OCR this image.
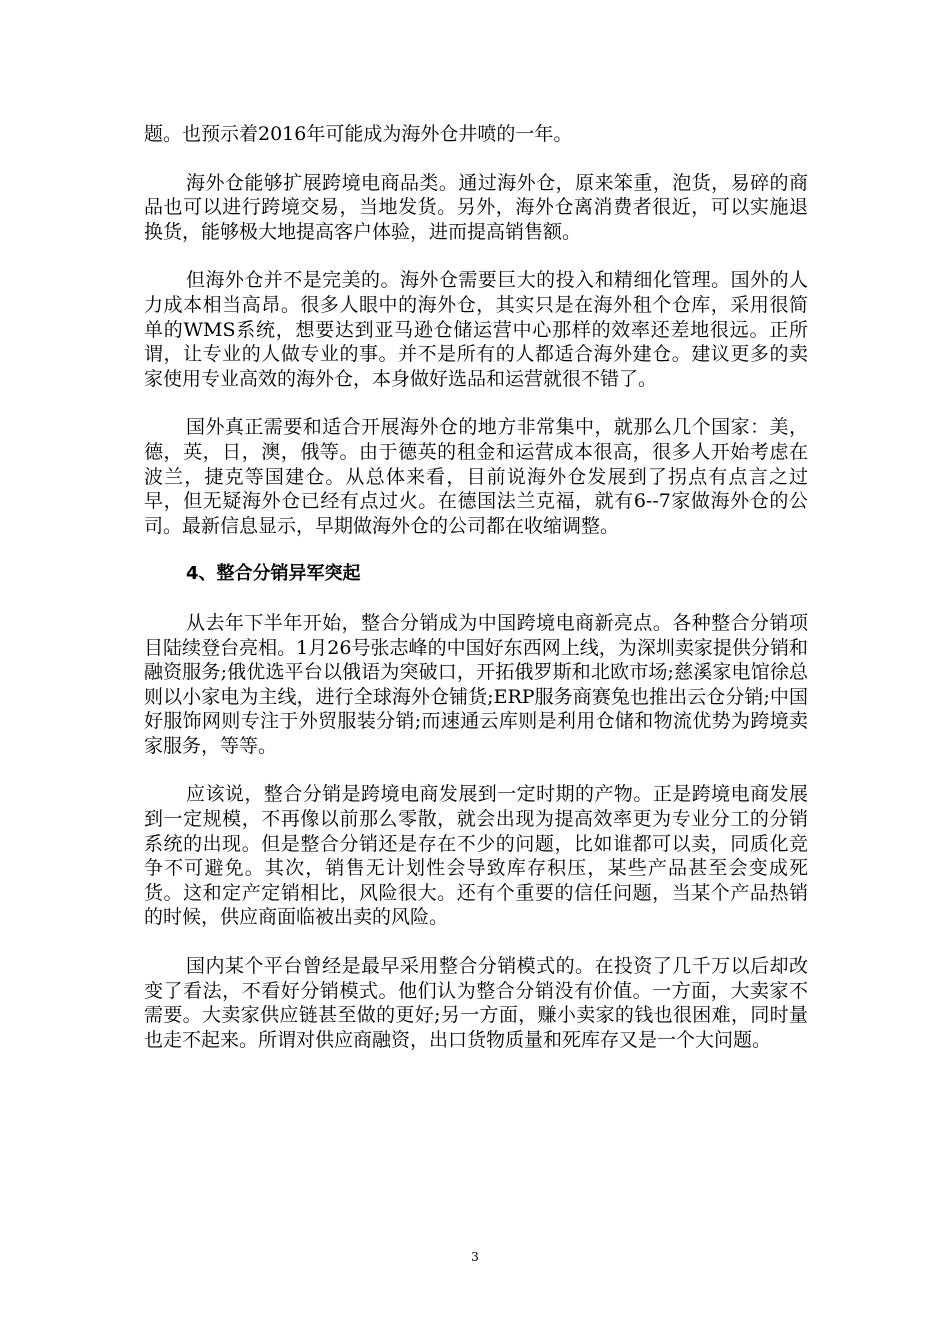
题。也预示着2016年可能成为海外仓井喷的一年。

海外仓能够扩展跨境电商品类。通过海外仓，原来笨重，泡货，易碎的商品也可以进行跨境交易，当地发货。另外，海外仓离消费者很近，可以实施退换货，能够极大地提高客户体验，进而提高销售额。

但海外仓并不是完美的。海外仓需要巨大的投入和精细化管理。国外的人力成本相当高昂。很多人眼中的海外仓，其实只是在海外租个仓库，采用很简单的WMS系统，想要达到亚马逊仓储运营中心那样的效率还差地很远。正所谓，让专业的人做专业的事。并不是所有的人都适合海外建仓。建议更多的卖家使用专业高效的海外仓，本身做好选品和运营就很不错了。

国外真正需要和适合开展海外仓的地方非常集中，就那么几个国家：美，德，英，日，澳，俄等。由于德英的租金和运营成本很高，很多人开始考虑在波兰，捷克等国建仓。从总体来看，目前说海外仓发展到了拐点有点言之过早，但无疑海外仓已经有点过火。在德国法兰克福，就有6--7家做海外仓的公司。最新信息显示，早期做海外仓的公司都在收缩调整。

4、整合分销异军突起

从去年下半年开始，整合分销成为中国跨境电商新亮点。各种整合分销项目陆续登台亮相。1月26号张志峰的中国好东西网上线，为深圳卖家提供分销和融资服务;俄优选平台以俄语为突破口，开拓俄罗斯和北欧市场;慈溪家电馆徐总则以小家电为主线，进行全球海外仓铺货;ERP服务商赛兔也推出云仓分销;中国好服饰网则专注于外贸服装分销;而速通云库则是利用仓储和物流优势为跨境卖家服务，等等。

应该说，整合分销是跨境电商发展到一定时期的产物。正是跨境电商发展到一定规模，不再像以前那么零散，就会出现为提高效率更为专业分工的分销系统的出现。但是整合分销还是存在不少的问题，比如谁都可以卖，同质化竞争不可避免。其次，销售无计划性会导致库存积压，某些产品甚至会变成死货。这和定产定销相比，风险很大。还有个重要的信任问题，当某个产品热销的时候，供应商面临被出卖的风险。

国内某个平台曾经是最早采用整合分销模式的。在投资了几千万以后却改变了看法，不看好分销模式。他们认为整合分销没有价值。一方面，大卖家不需要。大卖家供应链甚至做的更好;另一方面，赚小卖家的钱也很困难，同时量也走不起来。所谓对供应商融资，出口货物质量和死库存又是一个大问题。

3
